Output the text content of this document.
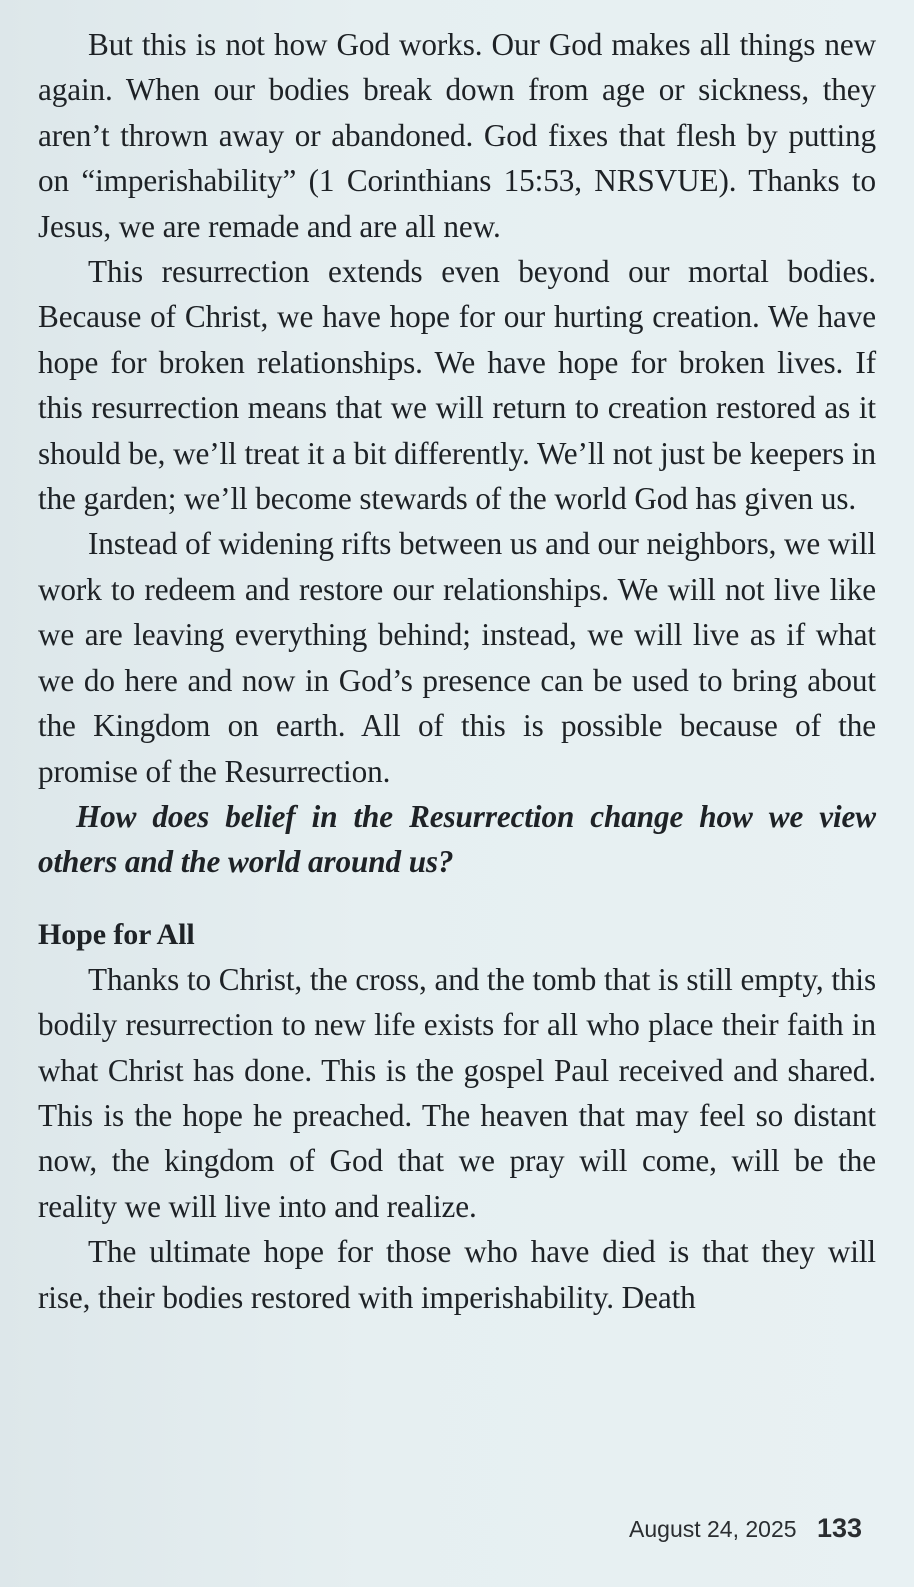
But this is not how God works. Our God makes all things new again. When our bodies break down from age or sickness, they aren’t thrown away or abandoned. God fixes that flesh by putting on “imperishability” (1 Corinthians 15:53, NRSVUE). Thanks to Jesus, we are remade and are all new.

This resurrection extends even beyond our mortal bodies. Because of Christ, we have hope for our hurting creation. We have hope for broken relationships. We have hope for broken lives. If this resurrection means that we will return to creation restored as it should be, we’ll treat it a bit differently. We’ll not just be keepers in the garden; we’ll become stewards of the world God has given us.

Instead of widening rifts between us and our neighbors, we will work to redeem and restore our relationships. We will not live like we are leaving everything behind; instead, we will live as if what we do here and now in God’s presence can be used to bring about the Kingdom on earth. All of this is possible because of the promise of the Resurrection.

How does belief in the Resurrection change how we view others and the world around us?

Hope for All

Thanks to Christ, the cross, and the tomb that is still empty, this bodily resurrection to new life exists for all who place their faith in what Christ has done. This is the gospel Paul received and shared. This is the hope he preached. The heaven that may feel so distant now, the kingdom of God that we pray will come, will be the reality we will live into and realize.

The ultimate hope for those who have died is that they will rise, their bodies restored with imperishability. Death

August 24, 2025 133
